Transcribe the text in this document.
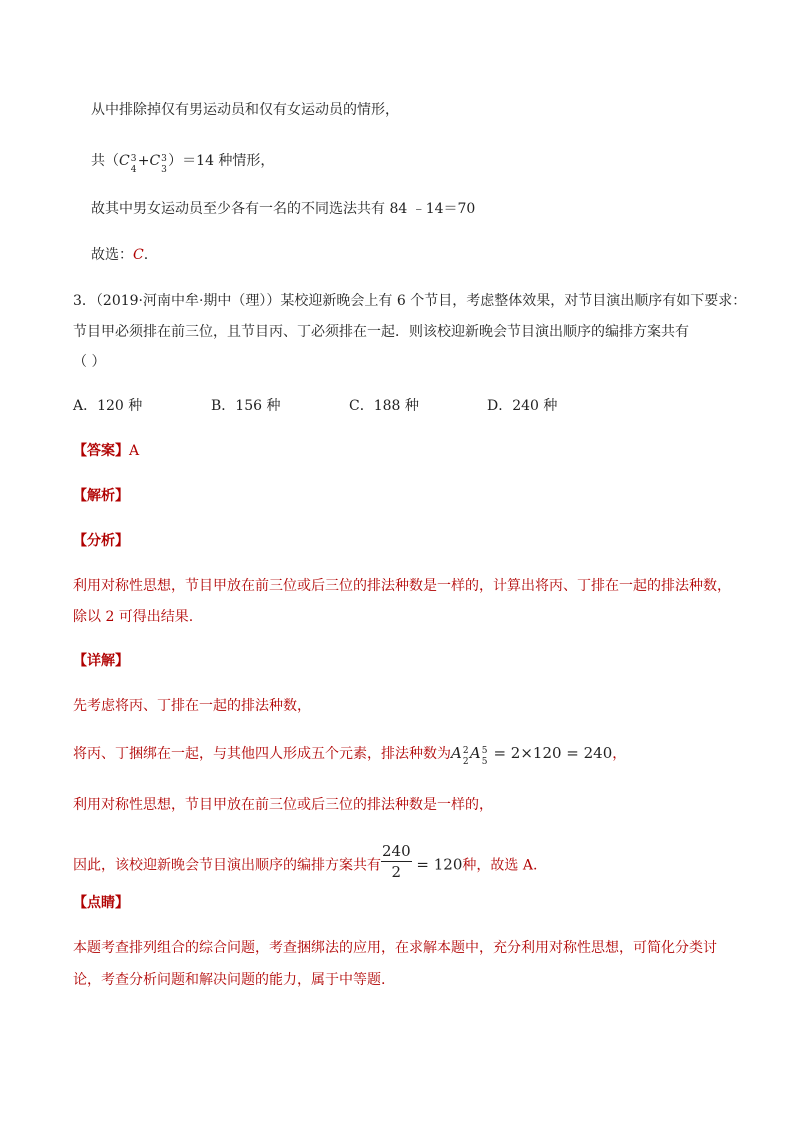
从中排除掉仅有男运动员和仅有女运动员的情形，
共（C 3
4
+C 3
3
）＝14 种情形，
故其中男女运动员至少各有一名的不同选法共有 84 ﹣14＝70
故选：C.
3．（2019·河南中牟·期中（理））某校迎新晚会上有 6 个节目，考虑整体效果，对节目演出顺序有如下要求：
节目甲必须排在前三位，且节目丙、丁必须排在一起．则该校迎新晚会节目演出顺序的编排方案共有
（ ）
A．120 种	B．156 种	C．188 种	D．240 种
【答案】A
【解析】
【分析】
利用对称性思想，节目甲放在前三位或后三位的排法种数是一样的，计算出将丙、丁排在一起的排法种数，
除以 2 可得出结果.
【详解】
先考虑将丙、丁排在一起的排法种数，
将丙、丁捆绑在一起，与其他四人形成五个元素，排法种数为A 2
2 A 5
5 = 2×120 = 240，
利用对称性思想，节目甲放在前三位或后三位的排法种数是一样的，
因此，该校迎新晚会节目演出顺序的编排方案共有 $\frac{240}{2} = 120$种，故选 A.
【点睛】
本题考查排列组合的综合问题，考查捆绑法的应用，在求解本题中，充分利用对称性思想，可简化分类讨
论，考查分析问题和解决问题的能力，属于中等题.
